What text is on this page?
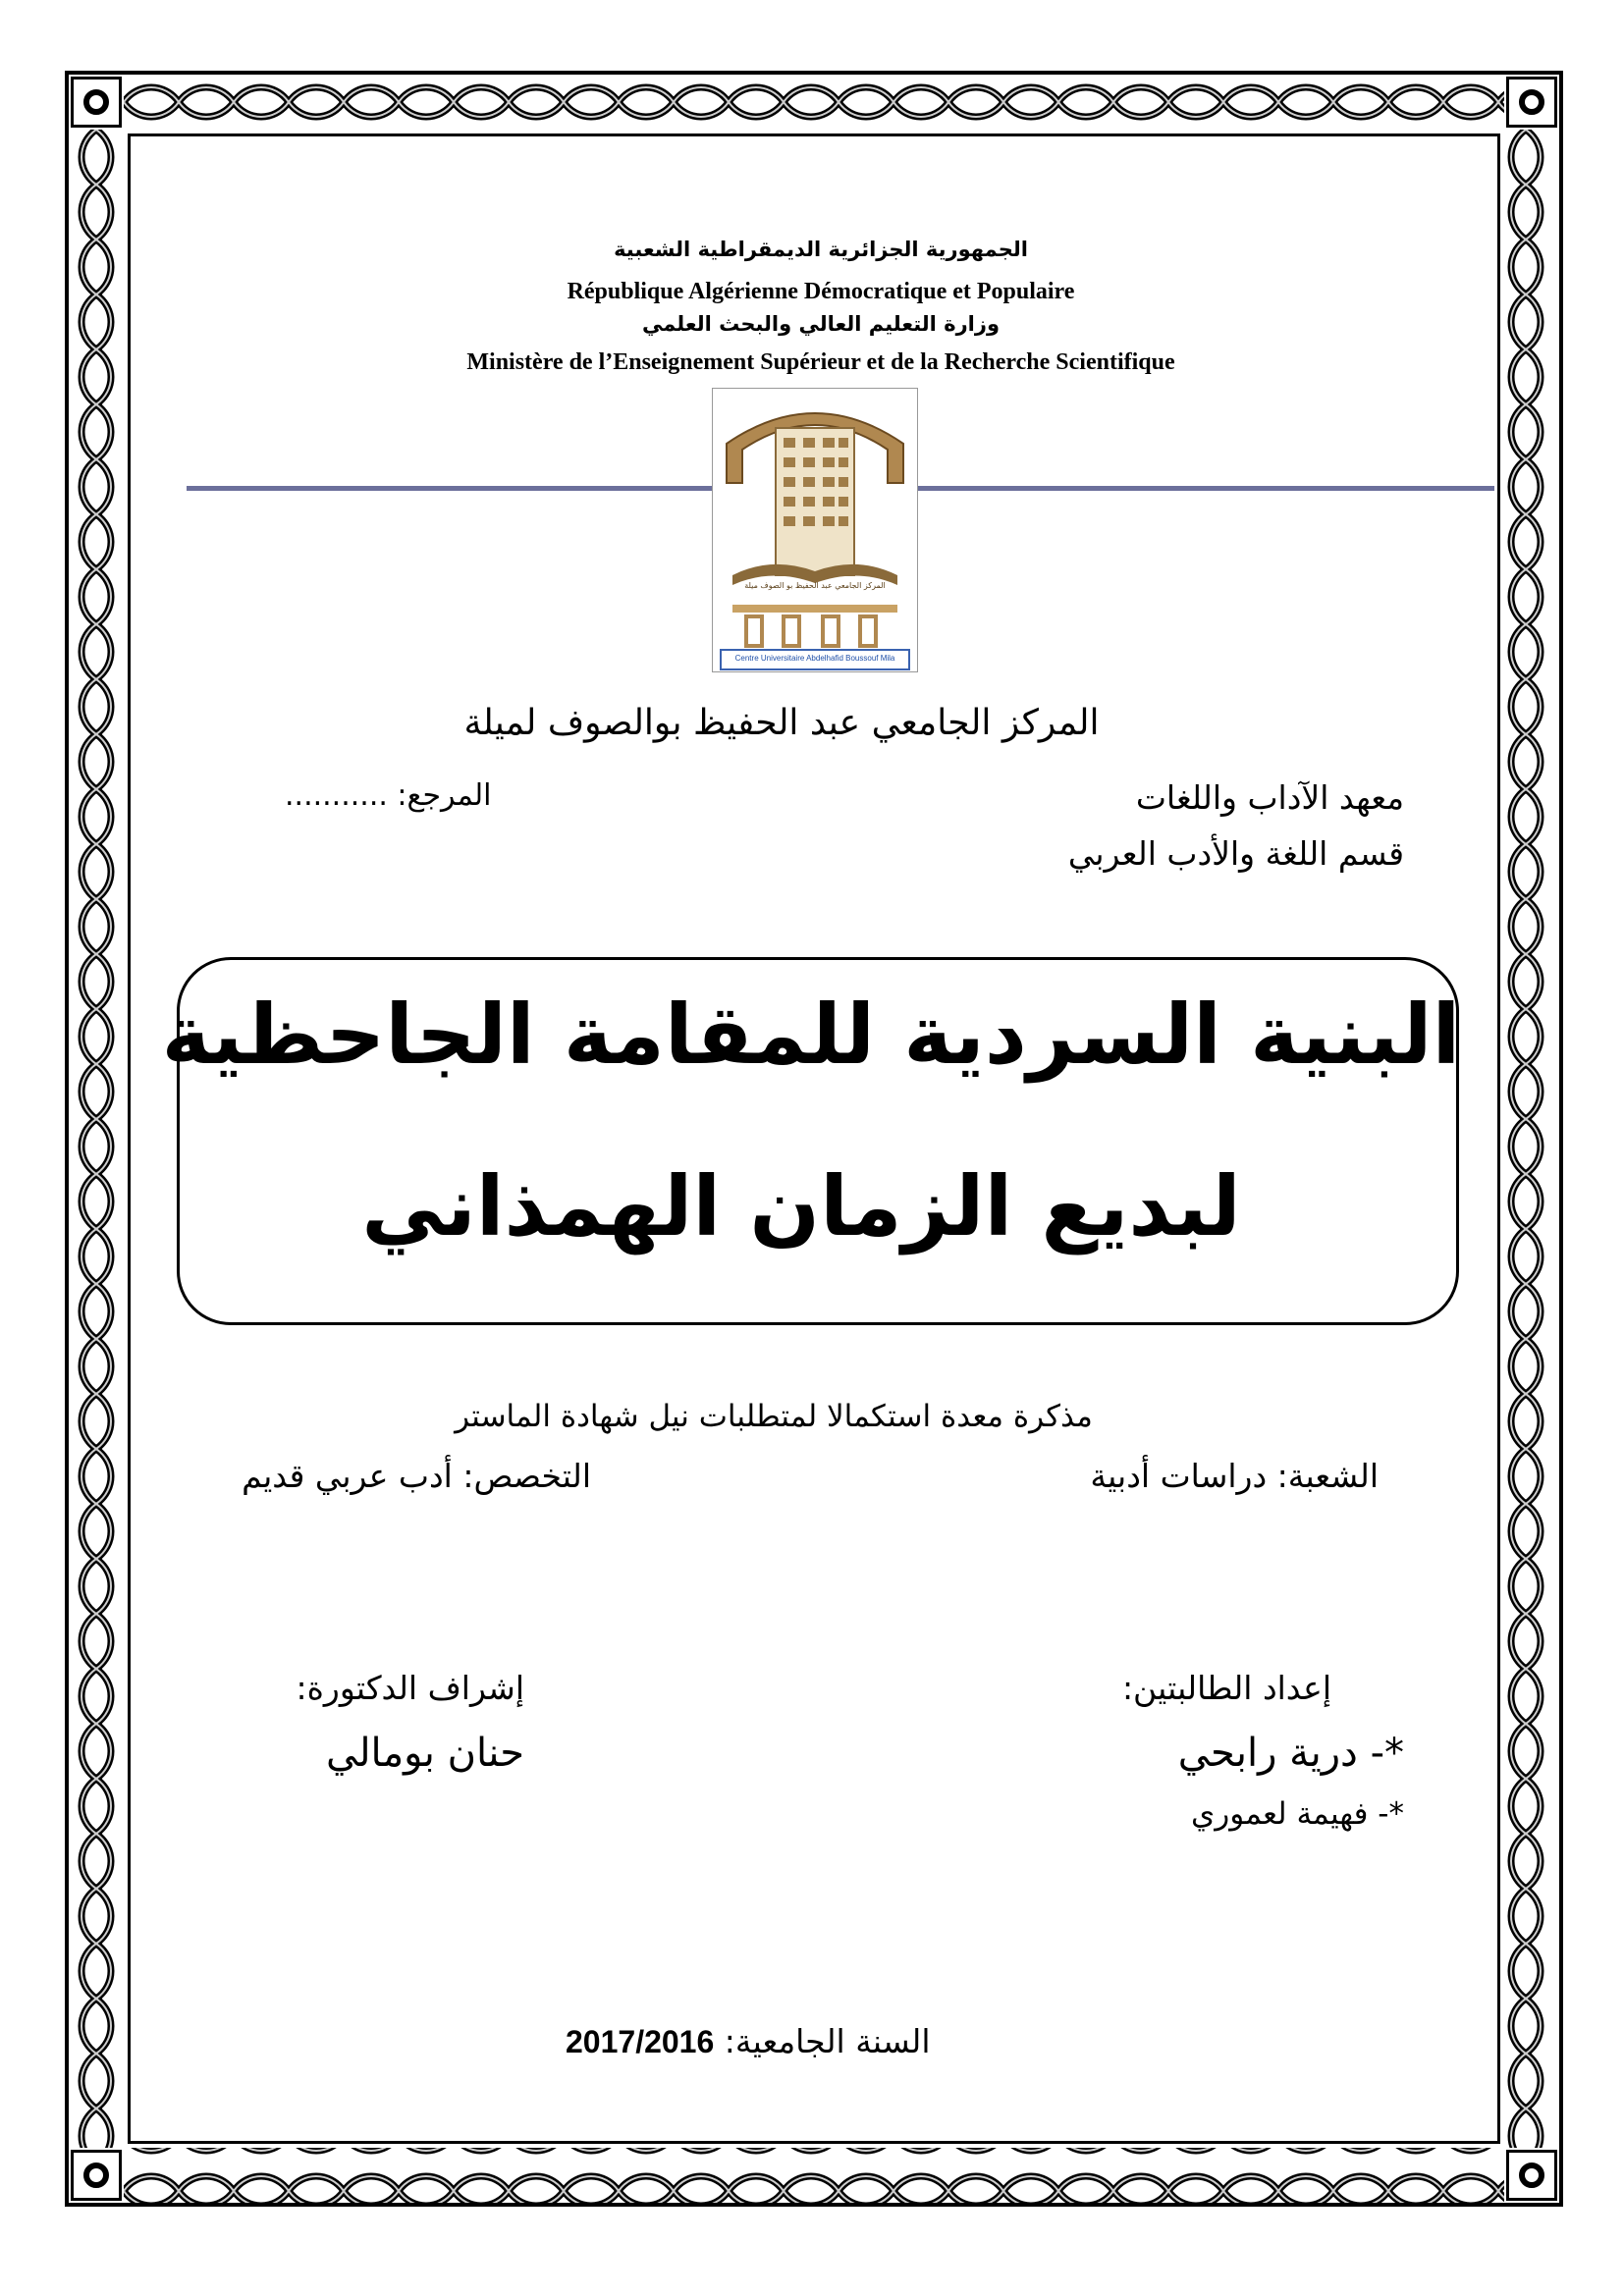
الجمهورية الجزائرية الديمقراطية الشعبية
République Algérienne Démocratique et Populaire
وزارة التعليم العالي والبحث العلمي
Ministère de l’Enseignement Supérieur et de la Recherche Scientifique
المركز الجامعي عبد الحفيظ بو الصوف ميلة
Centre Universitaire Abdelhafid Boussouf Mila
المركز الجامعي عبد الحفيظ بوالصوف لميلة
معهد الآداب واللغات
المرجع: ...........
قسم اللغة والأدب العربي
البنية السردية للمقامة الجاحظية
لبديع الزمان الهمذاني
مذكرة معدة استكمالا لمتطلبات نيل شهادة الماستر
الشعبة: دراسات أدبية
التخصص: أدب عربي قديم
إعداد الطالبتين:
*- درية رابحي
*- فهيمة لعموري
إشراف الدكتورة:
حنان بومالي
السنة الجامعية: 2017/2016
